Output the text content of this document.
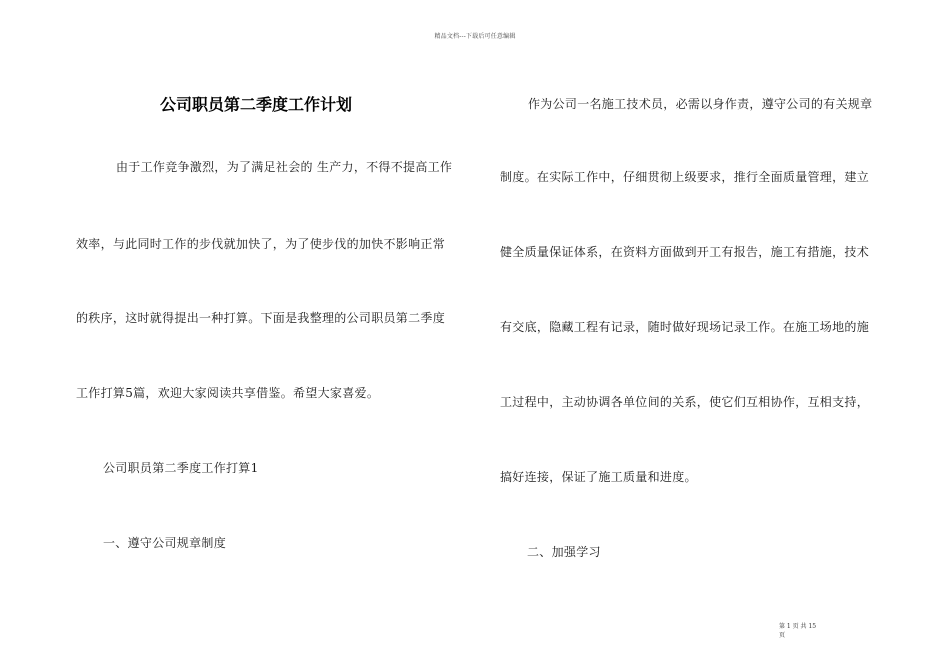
精品文档---下载后可任意编辑
公司职员第二季度工作计划
由于工作竞争激烈，为了满足社会的 生产力，不得不提高工作
效率，与此同时工作的步伐就加快了，为了使步伐的加快不影响正常
的秩序，这时就得提出一种打算。下面是我整理的公司职员第二季度
工作打算5篇，欢迎大家阅读共享借鉴。希望大家喜爱。
公司职员第二季度工作打算1
一、遵守公司规章制度
作为公司一名施工技术员，必需以身作责，遵守公司的有关规章
制度。在实际工作中，仔细贯彻上级要求，推行全面质量管理，建立
健全质量保证体系，在资料方面做到开工有报告，施工有措施，技术
有交底，隐藏工程有记录，随时做好现场记录工作。在施工场地的施
工过程中，主动协调各单位间的关系，使它们互相协作，互相支持，
搞好连接，保证了施工质量和进度。
二、加强学习
第 1 页 共 15
页
